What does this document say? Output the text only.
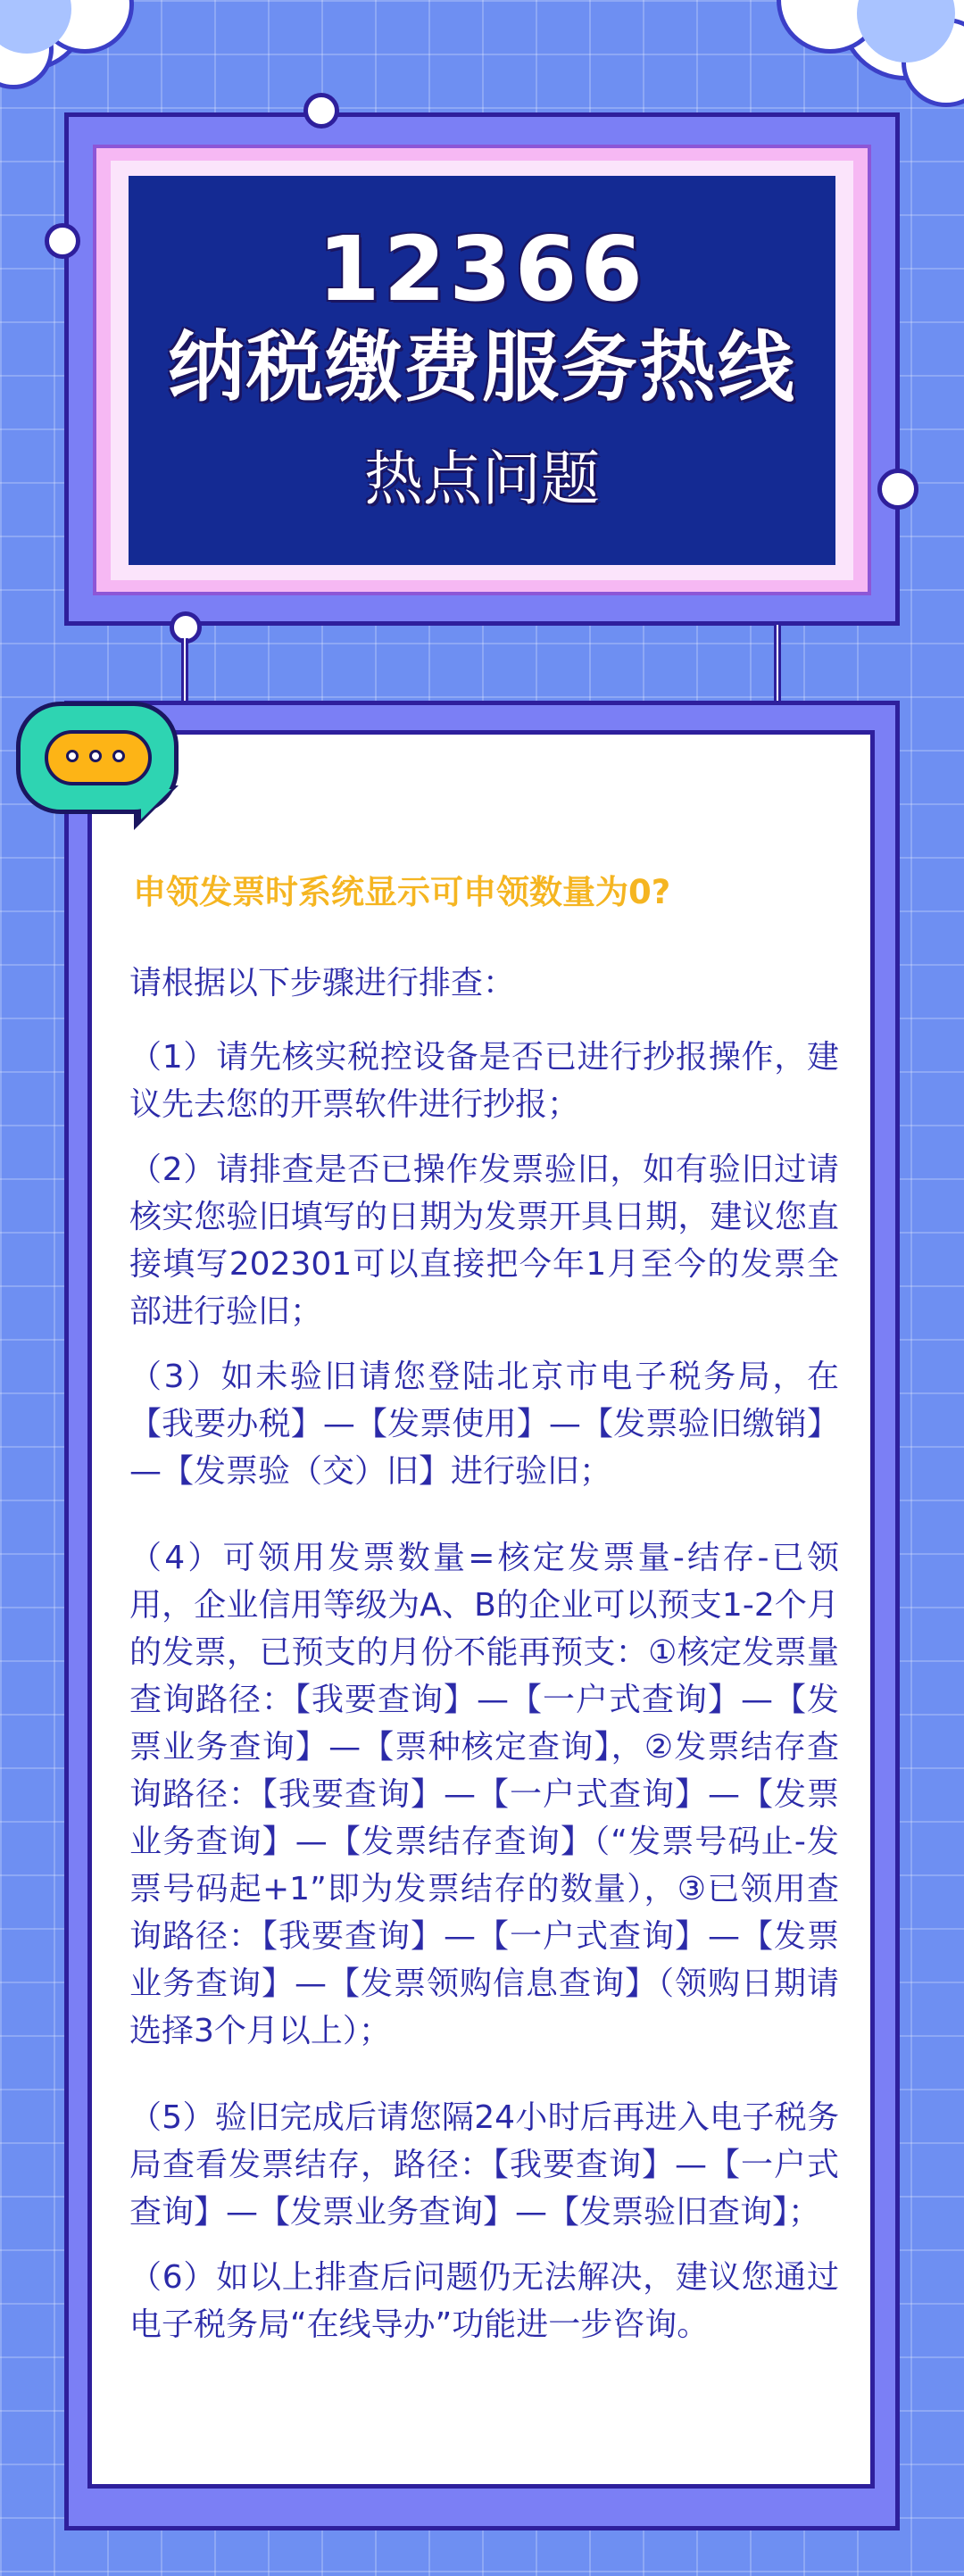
12366
纳税缴费服务热线
热点问题
申领发票时系统显示可申领数量为0?
请根据以下步骤进行排查：
（1）请先核实税控设备是否已进行抄报操作，建议先去您的开票软件进行抄报；
（2）请排查是否已操作发票验旧，如有验旧过请核实您验旧填写的日期为发票开具日期，建议您直接填写202301可以直接把今年1月至今的发票全部进行验旧；
（3）如未验旧请您登陆北京市电子税务局，在【我要办税】—【发票使用】—【发票验旧缴销】—【发票验（交）旧】进行验旧；
（4）可领用发票数量=核定发票量-结存-已领用，企业信用等级为A、B的企业可以预支1-2个月的发票，已预支的月份不能再预支：①核定发票量查询路径：【我要查询】—【一户式查询】—【发票业务查询】—【票种核定查询】，②发票结存查询路径：【我要查询】—【一户式查询】—【发票业务查询】—【发票结存查询】（“发票号码止-发票号码起+1”即为发票结存的数量），③已领用查询路径：【我要查询】—【一户式查询】—【发票业务查询】—【发票领购信息查询】（领购日期请选择3个月以上）；
（5）验旧完成后请您隔24小时后再进入电子税务局查看发票结存，路径：【我要查询】—【一户式查询】—【发票业务查询】—【发票验旧查询】；
（6）如以上排查后问题仍无法解决，建议您通过电子税务局“在线导办”功能进一步咨询。
